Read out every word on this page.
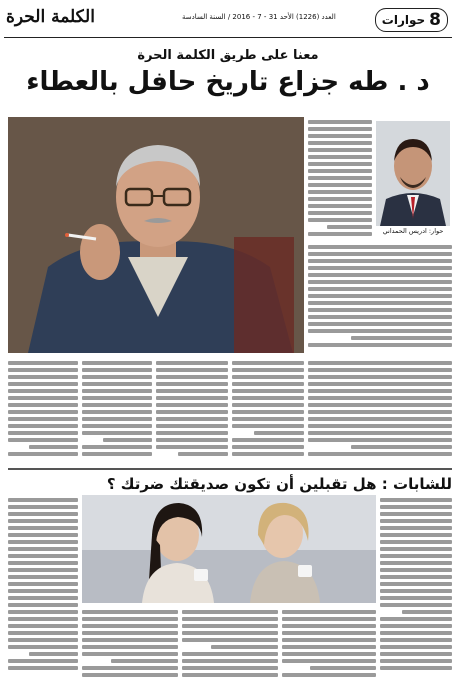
الكلمة الحرة	العدد (1226) الأحد 31 - 7 - 2016 / السنة السادسة	8
حوارات
معنا على طريق الكلمة الحرة
د . طه جزاع تاريخ حافل بالعطاء
حوار: ادريس الحمداني
للشابات : هل تقبلين أن تكون صديقتك ضرتك ؟
